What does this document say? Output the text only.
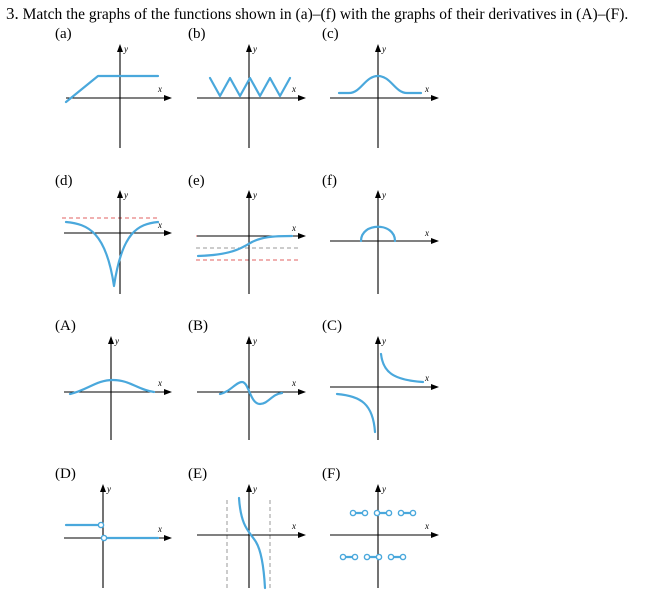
3. Match the graphs of the functions shown in (a)–(f) with the graphs of their derivatives in (A)–(F).
(a)	(b)	(c)
(d)	(e)	(f)
(A)	(B)	(C)
(D)	(E)	(F)
y
x
y
x
y
x
y
x
y
x
y
x
y
x
y
x
y
x
y
x
y
x
y
x
